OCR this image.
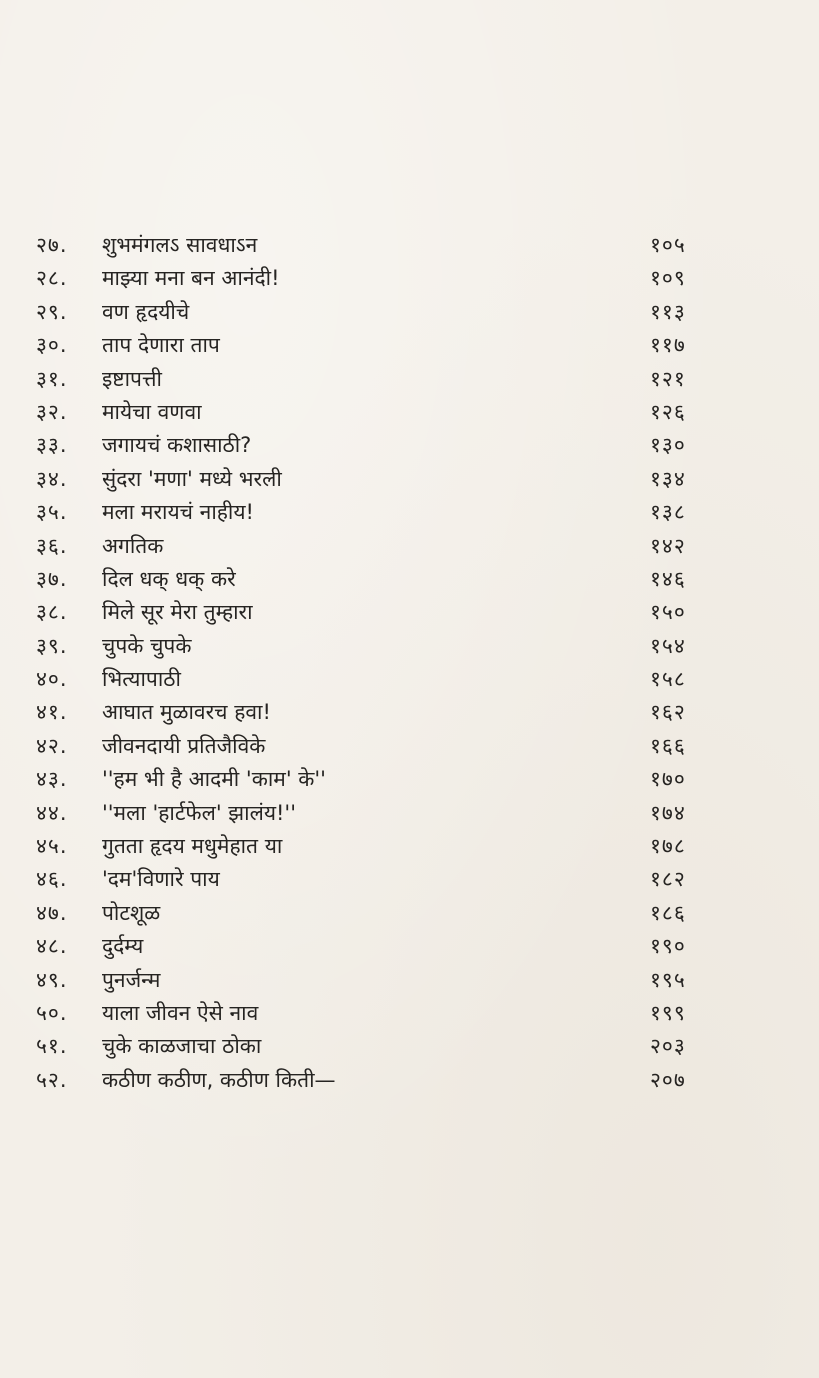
२७.	शुभमंगलऽ सावधाऽन	१०५
२८.	माझ्या मना बन आनंदी!	१०९
२९.	वण हृदयीचे	११३
३०.	ताप देणारा ताप	११७
३१.	इष्टापत्ती	१२१
३२.	मायेचा वणवा	१२६
३३.	जगायचं कशासाठी?	१३०
३४.	सुंदरा 'मणा' मध्ये भरली	१३४
३५.	मला मरायचं नाहीय!	१३८
३६.	अगतिक	१४२
३७.	दिल धक् धक् करे	१४६
३८.	मिले सूर मेरा तुम्हारा	१५०
३९.	चुपके चुपके	१५४
४०.	भित्यापाठी	१५८
४१.	आघात मुळावरच हवा!	१६२
४२.	जीवनदायी प्रतिजैविके	१६६
४३.	''हम भी है आदमी 'काम' के''	१७०
४४.	''मला 'हार्टफेल' झालंय!''	१७४
४५.	गुतता हृदय मधुमेहात या	१७८
४६.	'दम'विणारे पाय	१८२
४७.	पोटशूळ	१८६
४८.	दुर्दम्य	१९०
४९.	पुनर्जन्म	१९५
५०.	याला जीवन ऐसे नाव	१९९
५१.	चुके काळजाचा ठोका	२०३
५२.	कठीण कठीण, कठीण किती—	२०७
